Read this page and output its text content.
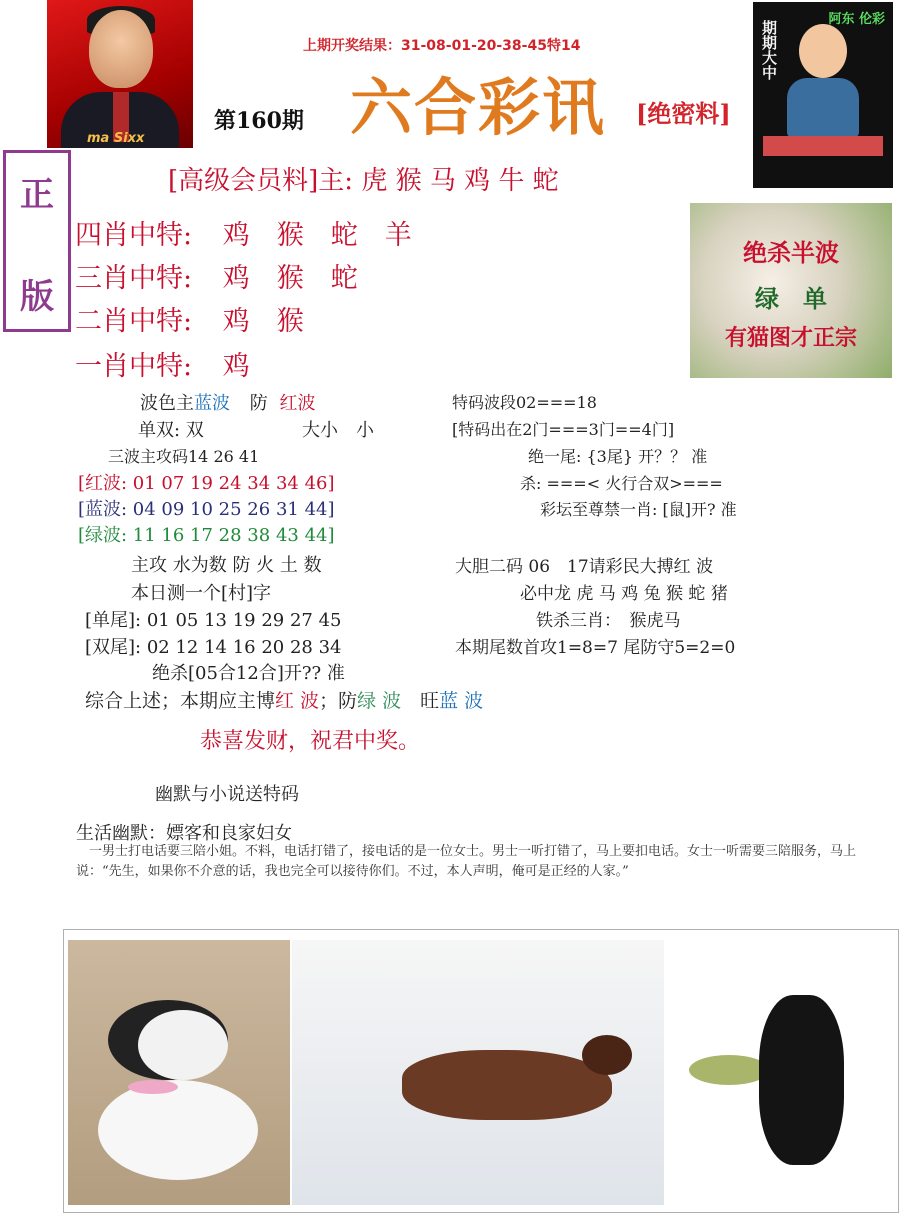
ma Sixx
期期大中
阿东 伦彩
上期开奖结果：31-08-01-20-38-45特14
第160期 六合彩讯 [绝密料]
正
版
绝杀半波
绿　单
有猫图才正宗
[高级会员料]主: 虎 猴 马 鸡 牛 蛇
四肖中特: 鸡　猴　蛇　羊
三肖中特: 鸡　猴　蛇
二肖中特: 鸡　猴
一肖中特: 鸡
波色主蓝波 防 红波
单双: 双	大小　小
三波主攻码14 26 41
[红波: 01 07 19 24 34 34 46]
[蓝波: 04 09 10 25 26 31 44]
[绿波: 11 16 17 28 38 43 44]
主攻 水为数 防 火 土 数
本日测一个[村]字
[单尾]: 01 05 13 19 29 27 45
[双尾]: 02 12 14 16 20 28 34
绝杀[05合12合]开?? 准
特码波段02===18
[特码出在2门===3门==4门]
绝一尾: {3尾} 开？？ 准
杀: ===< 火行合双>===
彩坛至尊禁一肖: [鼠]开? 准
大胆二码 06　17请彩民大搏红 波
必中龙 虎 马 鸡 兔 猴 蛇 猪
铁杀三肖：　猴虎马
本期尾数首攻1=8=7 尾防守5=2=0
综合上述；本期应主博红 波；防绿 波　旺蓝 波
恭喜发财，祝君中奖。
幽默与小说送特码
生活幽默：嫖客和良家妇女
一男士打电话要三陪小姐。不料，电话打错了，接电话的是一位女士。男士一听打错了，马上要扣电话。女士一听需要三陪服务，马上说：“先生，如果你不介意的话，我也完全可以接待你们。不过，本人声明，俺可是正经的人家。”
